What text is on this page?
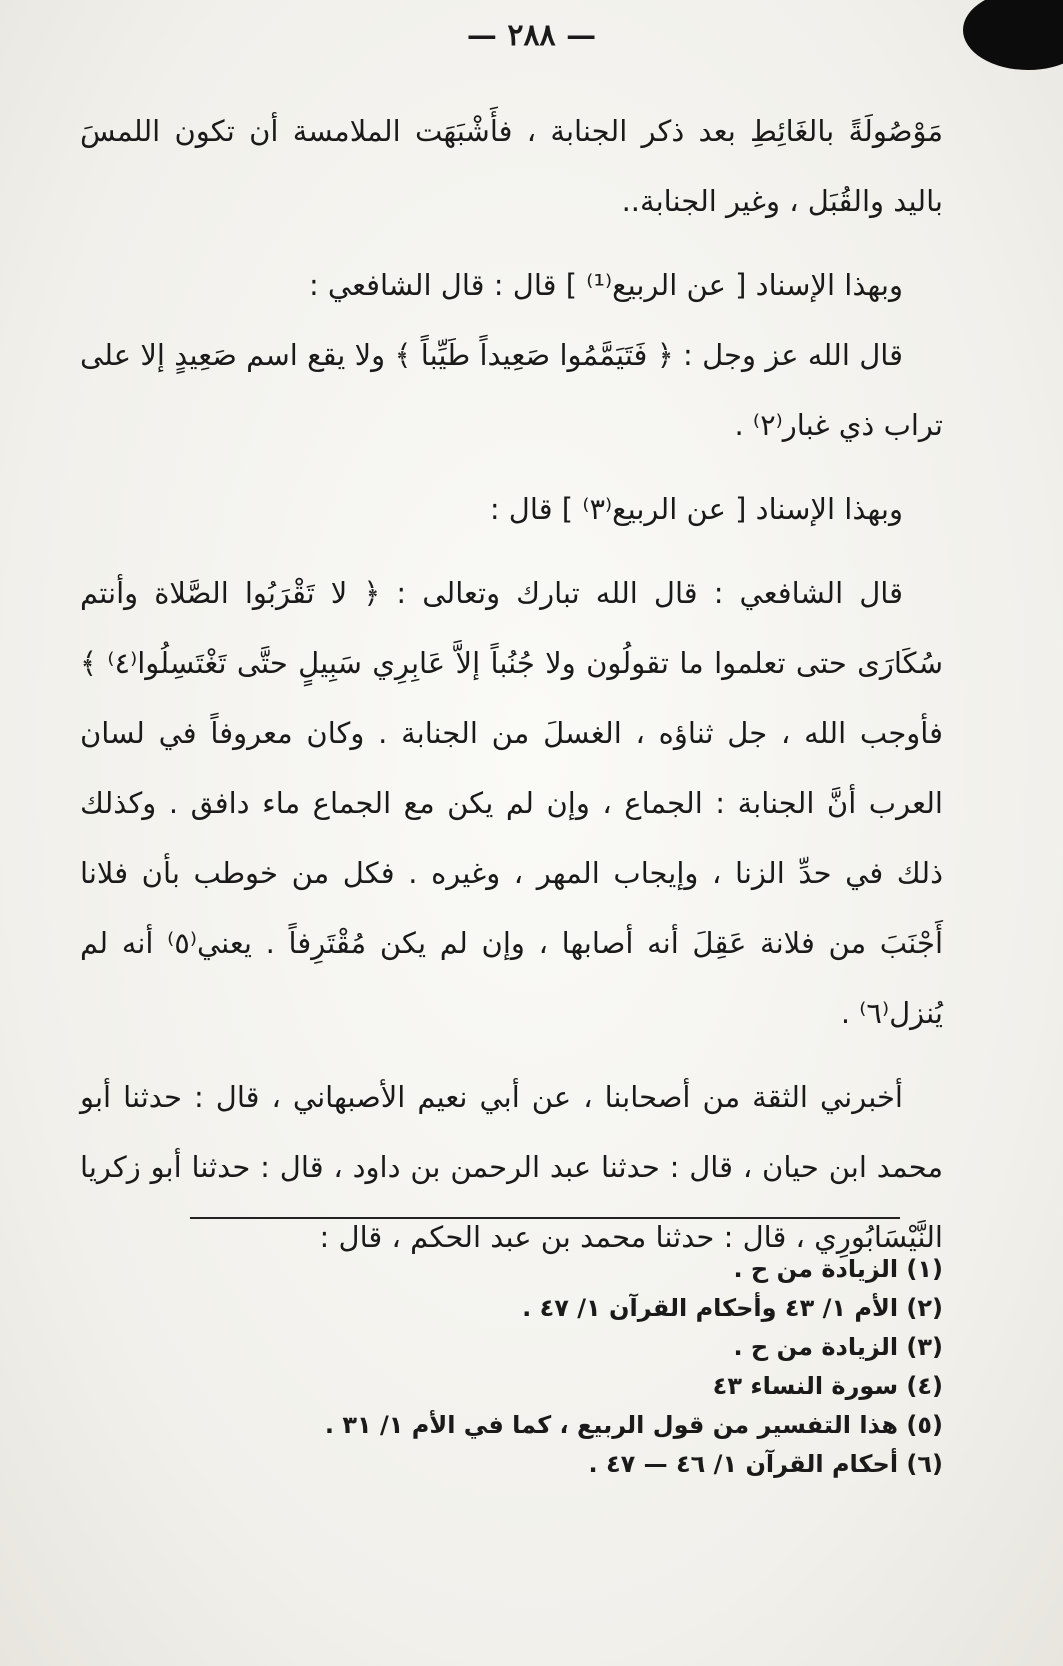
— ٢٨٨ —

مَوْصُولَةً بالغَائِطِ بعد ذكر الجنابة ، فأَشْبَهَت الملامسة أن تكون اللمسَ باليد والقُبَل ، وغير الجنابة..

وبهذا الإسناد [ عن الربيع⁽¹⁾ ] قال : قال الشافعي :

قال الله عز وجل : ﴿ فَتَيَمَّمُوا صَعِيداً طَيِّباً ﴾ ولا يقع اسم صَعِيدٍ إلا على تراب ذي غبار⁽٢⁾ .

وبهذا الإسناد [ عن الربيع⁽٣⁾ ] قال :

قال الشافعي : قال الله تبارك وتعالى : ﴿ لا تَقْرَبُوا الصَّلاة وأنتم سُكَارَى حتى تعلموا ما تقولُون ولا جُنُباً إلاَّ عَابِرِي سَبِيلٍ حتَّى تَغْتَسِلُوا⁽٤⁾ ﴾فأوجب الله ، جل ثناؤه ، الغسلَ من الجنابة . وكان معروفاً في لسان العرب أنَّ الجنابة : الجماع ، وإن لم يكن مع الجماع ماء دافق . وكذلك ذلك في حدِّ الزنا ، وإيجاب المهر ، وغيره . فكل من خوطب بأن فلانا أَجْنَبَ من فلانة عَقِلَ أنه أصابها ، وإن لم يكن مُقْتَرِفاً . يعني⁽٥⁾ أنه لم يُنزل⁽٦⁾ .

أخبرني الثقة من أصحابنا ، عن أبي نعيم الأصبهاني ، قال : حدثنا أبو محمد ابن حيان ، قال : حدثنا عبد الرحمن بن داود ، قال : حدثنا أبو زكريا النَّيْسَابُورِي ، قال : حدثنا محمد بن عبد الحكم ، قال :

(١) الزيادة من ح .

(٢) الأم ١/ ٤٣ وأحكام القرآن ١/ ٤٧ .

(٣) الزيادة من ح .

(٤) سورة النساء ٤٣

(٥) هذا التفسير من قول الربيع ، كما في الأم ١/ ٣١ .

(٦) أحكام القرآن ١/ ٤٦ — ٤٧ .
